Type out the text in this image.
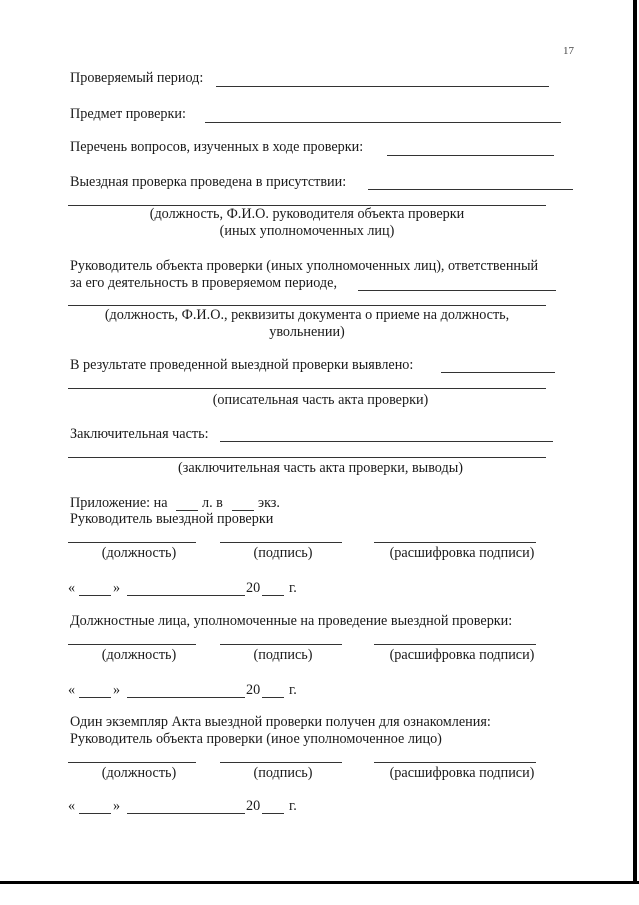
17
Проверяемый период:
Предмет проверки:
Перечень вопросов, изученных в ходе проверки:
Выездная проверка проведена в присутствии:
(должность, Ф.И.О. руководителя объекта проверки
(иных уполномоченных лиц)
Руководитель объекта проверки (иных уполномоченных лиц), ответственный
за его деятельность в проверяемом периоде,
(должность, Ф.И.О., реквизиты документа о приеме на должность,
увольнении)
В результате проведенной выездной проверки выявлено:
(описательная часть акта проверки)
Заключительная часть:
(заключительная часть акта проверки, выводы)
Приложение: на л. в экз.
Руководитель выездной проверки
(должность)	(подпись)	(расшифровка подписи)
«	»	20 г.
Должностные лица, уполномоченные на проведение выездной проверки:
(должность)	(подпись)	(расшифровка подписи)
«	»	20 г.
Один экземпляр Акта выездной проверки получен для ознакомления:
Руководитель объекта проверки (иное уполномоченное лицо)
(должность)	(подпись)	(расшифровка подписи)
«	»	20 г.
